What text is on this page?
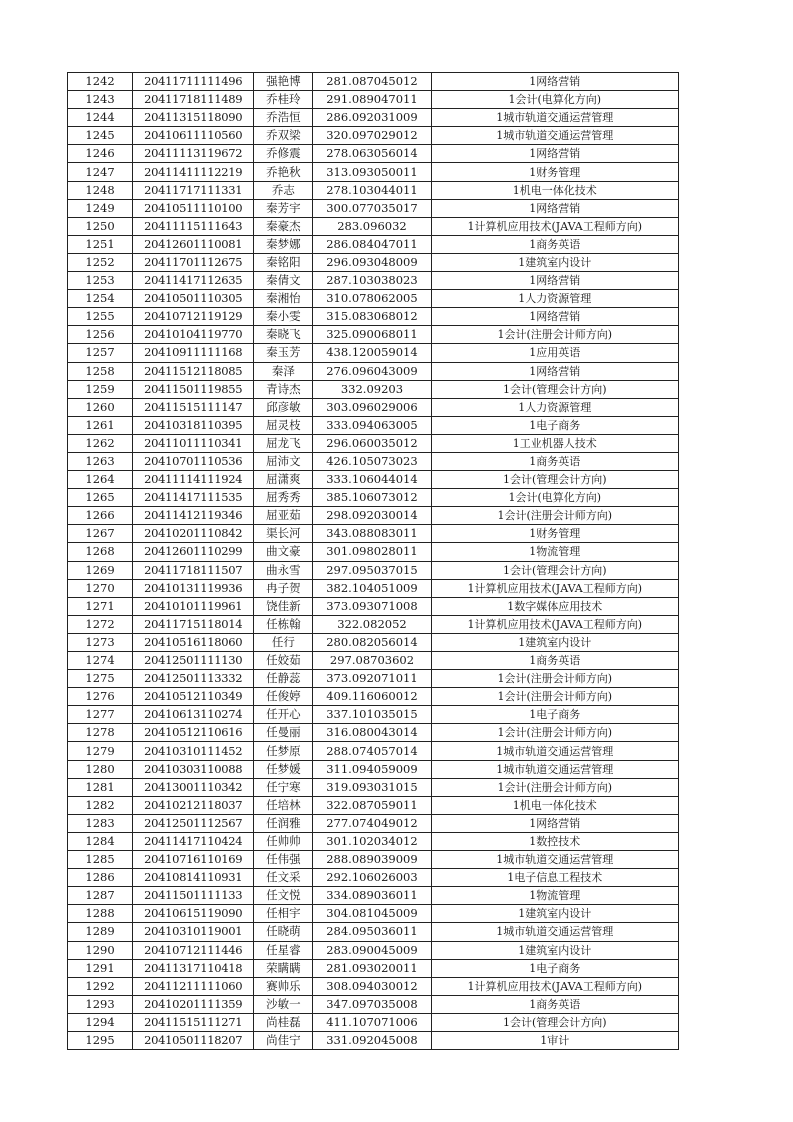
1242	20411711111496	强艳博	281.087045012	1网络营销
1243	20411718111489	乔桂玲	291.089047011	1会计(电算化方向)
1244	20411315118090	乔浩恒	286.092031009	1城市轨道交通运营管理
1245	20410611110560	乔双梁	320.097029012	1城市轨道交通运营管理
1246	20411113119672	乔修震	278.063056014	1网络营销
1247	20411411112219	乔艳秋	313.093050011	1财务管理
1248	20411717111331	乔志	278.103044011	1机电一体化技术
1249	20410511110100	秦芳宇	300.077035017	1网络营销
1250	20411115111643	秦豪杰	283.096032	1计算机应用技术(JAVA工程师方向)
1251	20412601110081	秦梦娜	286.084047011	1商务英语
1252	20411701112675	秦铭阳	296.093048009	1建筑室内设计
1253	20411417112635	秦倩文	287.103038023	1网络营销
1254	20410501110305	秦湘怡	310.078062005	1人力资源管理
1255	20410712119129	秦小雯	315.083068012	1网络营销
1256	20410104119770	秦晓飞	325.090068011	1会计(注册会计师方向)
1257	20410911111168	秦玉芳	438.120059014	1应用英语
1258	20411512118085	秦泽	276.096043009	1网络营销
1259	20411501119855	青诗杰	332.09203	1会计(管理会计方向)
1260	20411515111147	邱彦敏	303.096029006	1人力资源管理
1261	20410318110395	屈灵枝	333.094063005	1电子商务
1262	20411011110341	屈龙飞	296.060035012	1工业机器人技术
1263	20410701110536	屈沛文	426.105073023	1商务英语
1264	20411114111924	屈潇爽	333.106044014	1会计(管理会计方向)
1265	20411417111535	屈秀秀	385.106073012	1会计(电算化方向)
1266	20411412119346	屈亚茹	298.092030014	1会计(注册会计师方向)
1267	20410201110842	渠长河	343.088083011	1财务管理
1268	20412601110299	曲文豪	301.098028011	1物流管理
1269	20411718111507	曲永雪	297.095037015	1会计(管理会计方向)
1270	20410131119936	冉子贺	382.104051009	1计算机应用技术(JAVA工程师方向)
1271	20410101119961	饶佳新	373.093071008	1数字媒体应用技术
1272	20411715118014	任栋翰	322.082052	1计算机应用技术(JAVA工程师方向)
1273	20410516118060	任行	280.082056014	1建筑室内设计
1274	20412501111130	任姣茹	297.08703602	1商务英语
1275	20412501113332	任静蕊	373.092071011	1会计(注册会计师方向)
1276	20410512110349	任俊婷	409.116060012	1会计(注册会计师方向)
1277	20410613110274	任开心	337.101035015	1电子商务
1278	20410512110616	任曼丽	316.080043014	1会计(注册会计师方向)
1279	20410310111452	任梦原	288.074057014	1城市轨道交通运营管理
1280	20410303110088	任梦媛	311.094059009	1城市轨道交通运营管理
1281	20413001110342	任宁寒	319.093031015	1会计(注册会计师方向)
1282	20410212118037	任培林	322.087059011	1机电一体化技术
1283	20412501112567	任润雅	277.074049012	1网络营销
1284	20411417110424	任帅帅	301.102034012	1数控技术
1285	20410716110169	任伟强	288.089039009	1城市轨道交通运营管理
1286	20410814110931	任文采	292.106026003	1电子信息工程技术
1287	20411501111133	任文悦	334.089036011	1物流管理
1288	20410615119090	任相宇	304.081045009	1建筑室内设计
1289	20410310119001	任晓萌	284.095036011	1城市轨道交通运营管理
1290	20410712111446	任星睿	283.090045009	1建筑室内设计
1291	20411317110418	荣瞒瞒	281.093020011	1电子商务
1292	20411211111060	赛帅乐	308.094030012	1计算机应用技术(JAVA工程师方向)
1293	20410201111359	沙敏一	347.097035008	1商务英语
1294	20411515111271	尚桂磊	411.107071006	1会计(管理会计方向)
1295	20410501118207	尚佳宁	331.092045008	1审计
